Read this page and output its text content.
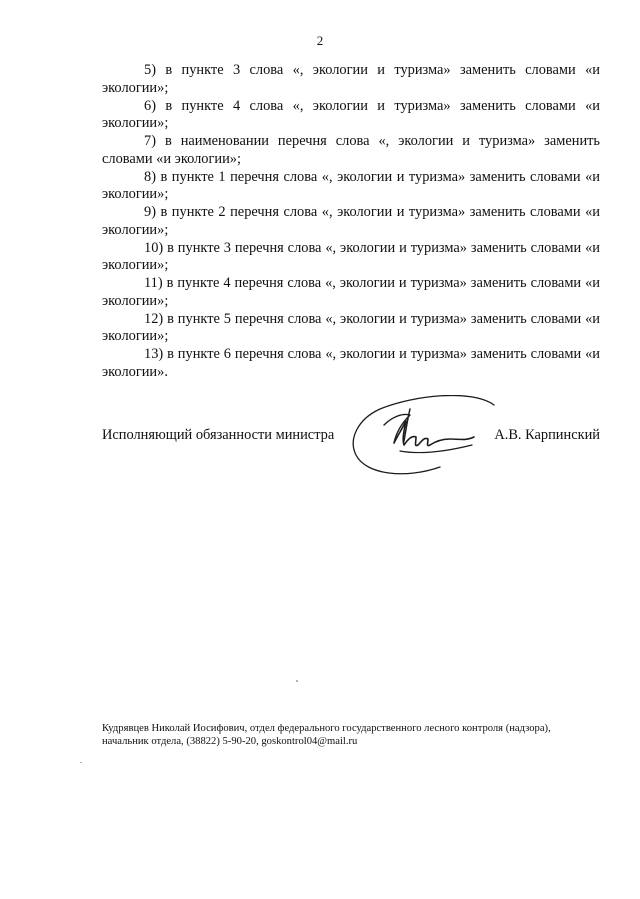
2

5) в пункте 3 слова «, экологии и туризма» заменить словами «и экологии»;

6) в пункте 4 слова «, экологии и туризма» заменить словами «и экологии»;

7) в наименовании перечня слова «, экологии и туризма» заменить словами «и экологии»;

8) в пункте 1 перечня слова «, экологии и туризма» заменить словами «и экологии»;

9) в пункте 2 перечня слова «, экологии и туризма» заменить словами «и экологии»;

10) в пункте 3 перечня слова «, экологии и туризма» заменить словами «и экологии»;

11) в пункте 4 перечня слова «, экологии и туризма» заменить словами «и экологии»;

12) в пункте 5 перечня слова «, экологии и туризма» заменить словами «и экологии»;

13) в пункте 6 перечня слова «, экологии и туризма» заменить словами «и экологии».

Исполняющий обязанности министра	А.В. Карпинский
Кудрявцев Николай Иосифович, отдел федерального государственного лесного контроля (надзора),
начальник отдела, (38822) 5-90-20, goskontrol04@mail.ru
